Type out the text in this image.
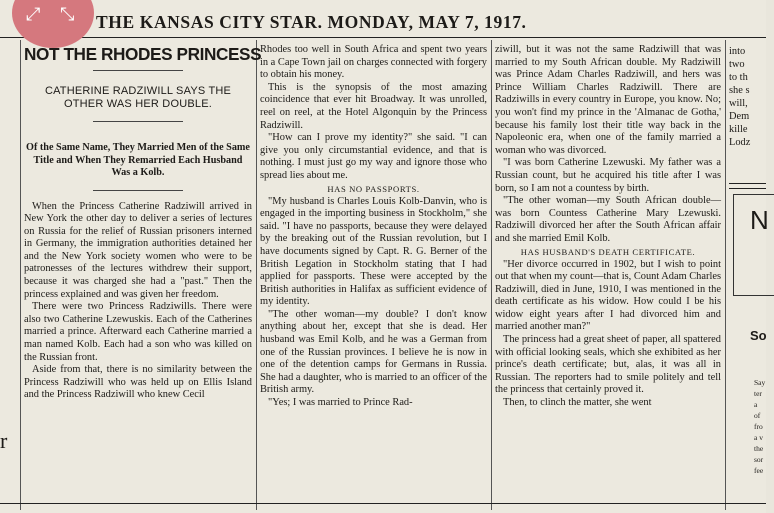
THE KANSAS CITY STAR. MONDAY, MAY 7, 1917.
⤢ ⤡
r
NOT THE RHODES PRINCESS
CATHERINE RADZIWILL SAYS THE OTHER WAS HER DOUBLE.
Of the Same Name, They Married Men of the Same Title and When They Remarried Each Husband Was a Kolb.

When the Princess Catherine Radziwill arrived in New York the other day to deliver a series of lectures on Russia for the relief of Russian prisoners interned in Germany, the immigration authorities detained her and the New York society women who were to be patronesses of the lectures withdrew their support, because it was charged she had a "past." Then the princess explained and was given her freedom.

There were two Princess Radziwills. There were also two Catherine Lzewuskis. Each of the Catherines married a prince. Afterward each Catherine married a man named Kolb. Each had a son who was killed on the Russian front.

Aside from that, there is no similarity between the Princess Radziwill who was held up on Ellis Island and the Princess Radziwill who knew Cecil

Rhodes too well in South Africa and spent two years in a Cape Town jail on charges connected with forgery to obtain his money.

This is the synopsis of the most amazing coincidence that ever hit Broadway. It was unrolled, reel on reel, at the Hotel Algonquin by the Princess Radziwill.

"How can I prove my identity?" she said. "I can give you only circumstantial evidence, and that is nothing. I must just go my way and ignore those who spread lies about me.

HAS NO PASSPORTS.

"My husband is Charles Louis Kolb-Danvin, who is engaged in the importing business in Stockholm," she said. "I have no passports, because they were delayed by the breaking out of the Russian revolution, but I have documents signed by Capt. R. G. Berner of the British Legation in Stockholm stating that I had applied for passports. These were accepted by the British authorities in Halifax as sufficient evidence of my identity.

"The other woman—my double? I don't know anything about her, except that she is dead. Her husband was Emil Kolb, and he was a German from one of the Russian provinces. I believe he is now in one of the detention camps for Germans in Russia. She had a daughter, who is married to an officer of the British army.

"Yes; I was married to Prince Rad-

ziwill, but it was not the same Radziwill that was married to my South African double. My Radziwill was Prince Adam Charles Radziwill, and hers was Prince William Charles Radziwill. There are Radziwills in every country in Europe, you know. No; you won't find my prince in the 'Almanac de Gotha,' because his family lost their title way back in the Napoleonic era, when one of the family married a woman who was divorced.

"I was born Catherine Lzewuski. My father was a Russian count, but he acquired his title after I was born, so I am not a countess by birth.

"The other woman—my South African double—was born Countess Catherine Mary Lzewuski. Radziwill divorced her after the South African affair and she married Emil Kolb.

HAS HUSBAND'S DEATH CERTIFICATE.

"Her divorce occurred in 1902, but I wish to point out that when my count—that is, Count Adam Charles Radziwill, died in June, 1910, I was mentioned in the death certificate as his widow. How could I be his widow eight years after I had divorced him and married another man?"

The princess had a great sheet of paper, all spattered with official looking seals, which she exhibited as her prince's death certificate; but, alas, it was all in Russian. The reporters had to smile politely and tell the princess that certainly proved it.

Then, to clinch the matter, she went

into
two
to th
she s
will,
Dem
kille
Lodz
N
So
Say
ter
a
of
fro
a v
the
sor
fee
